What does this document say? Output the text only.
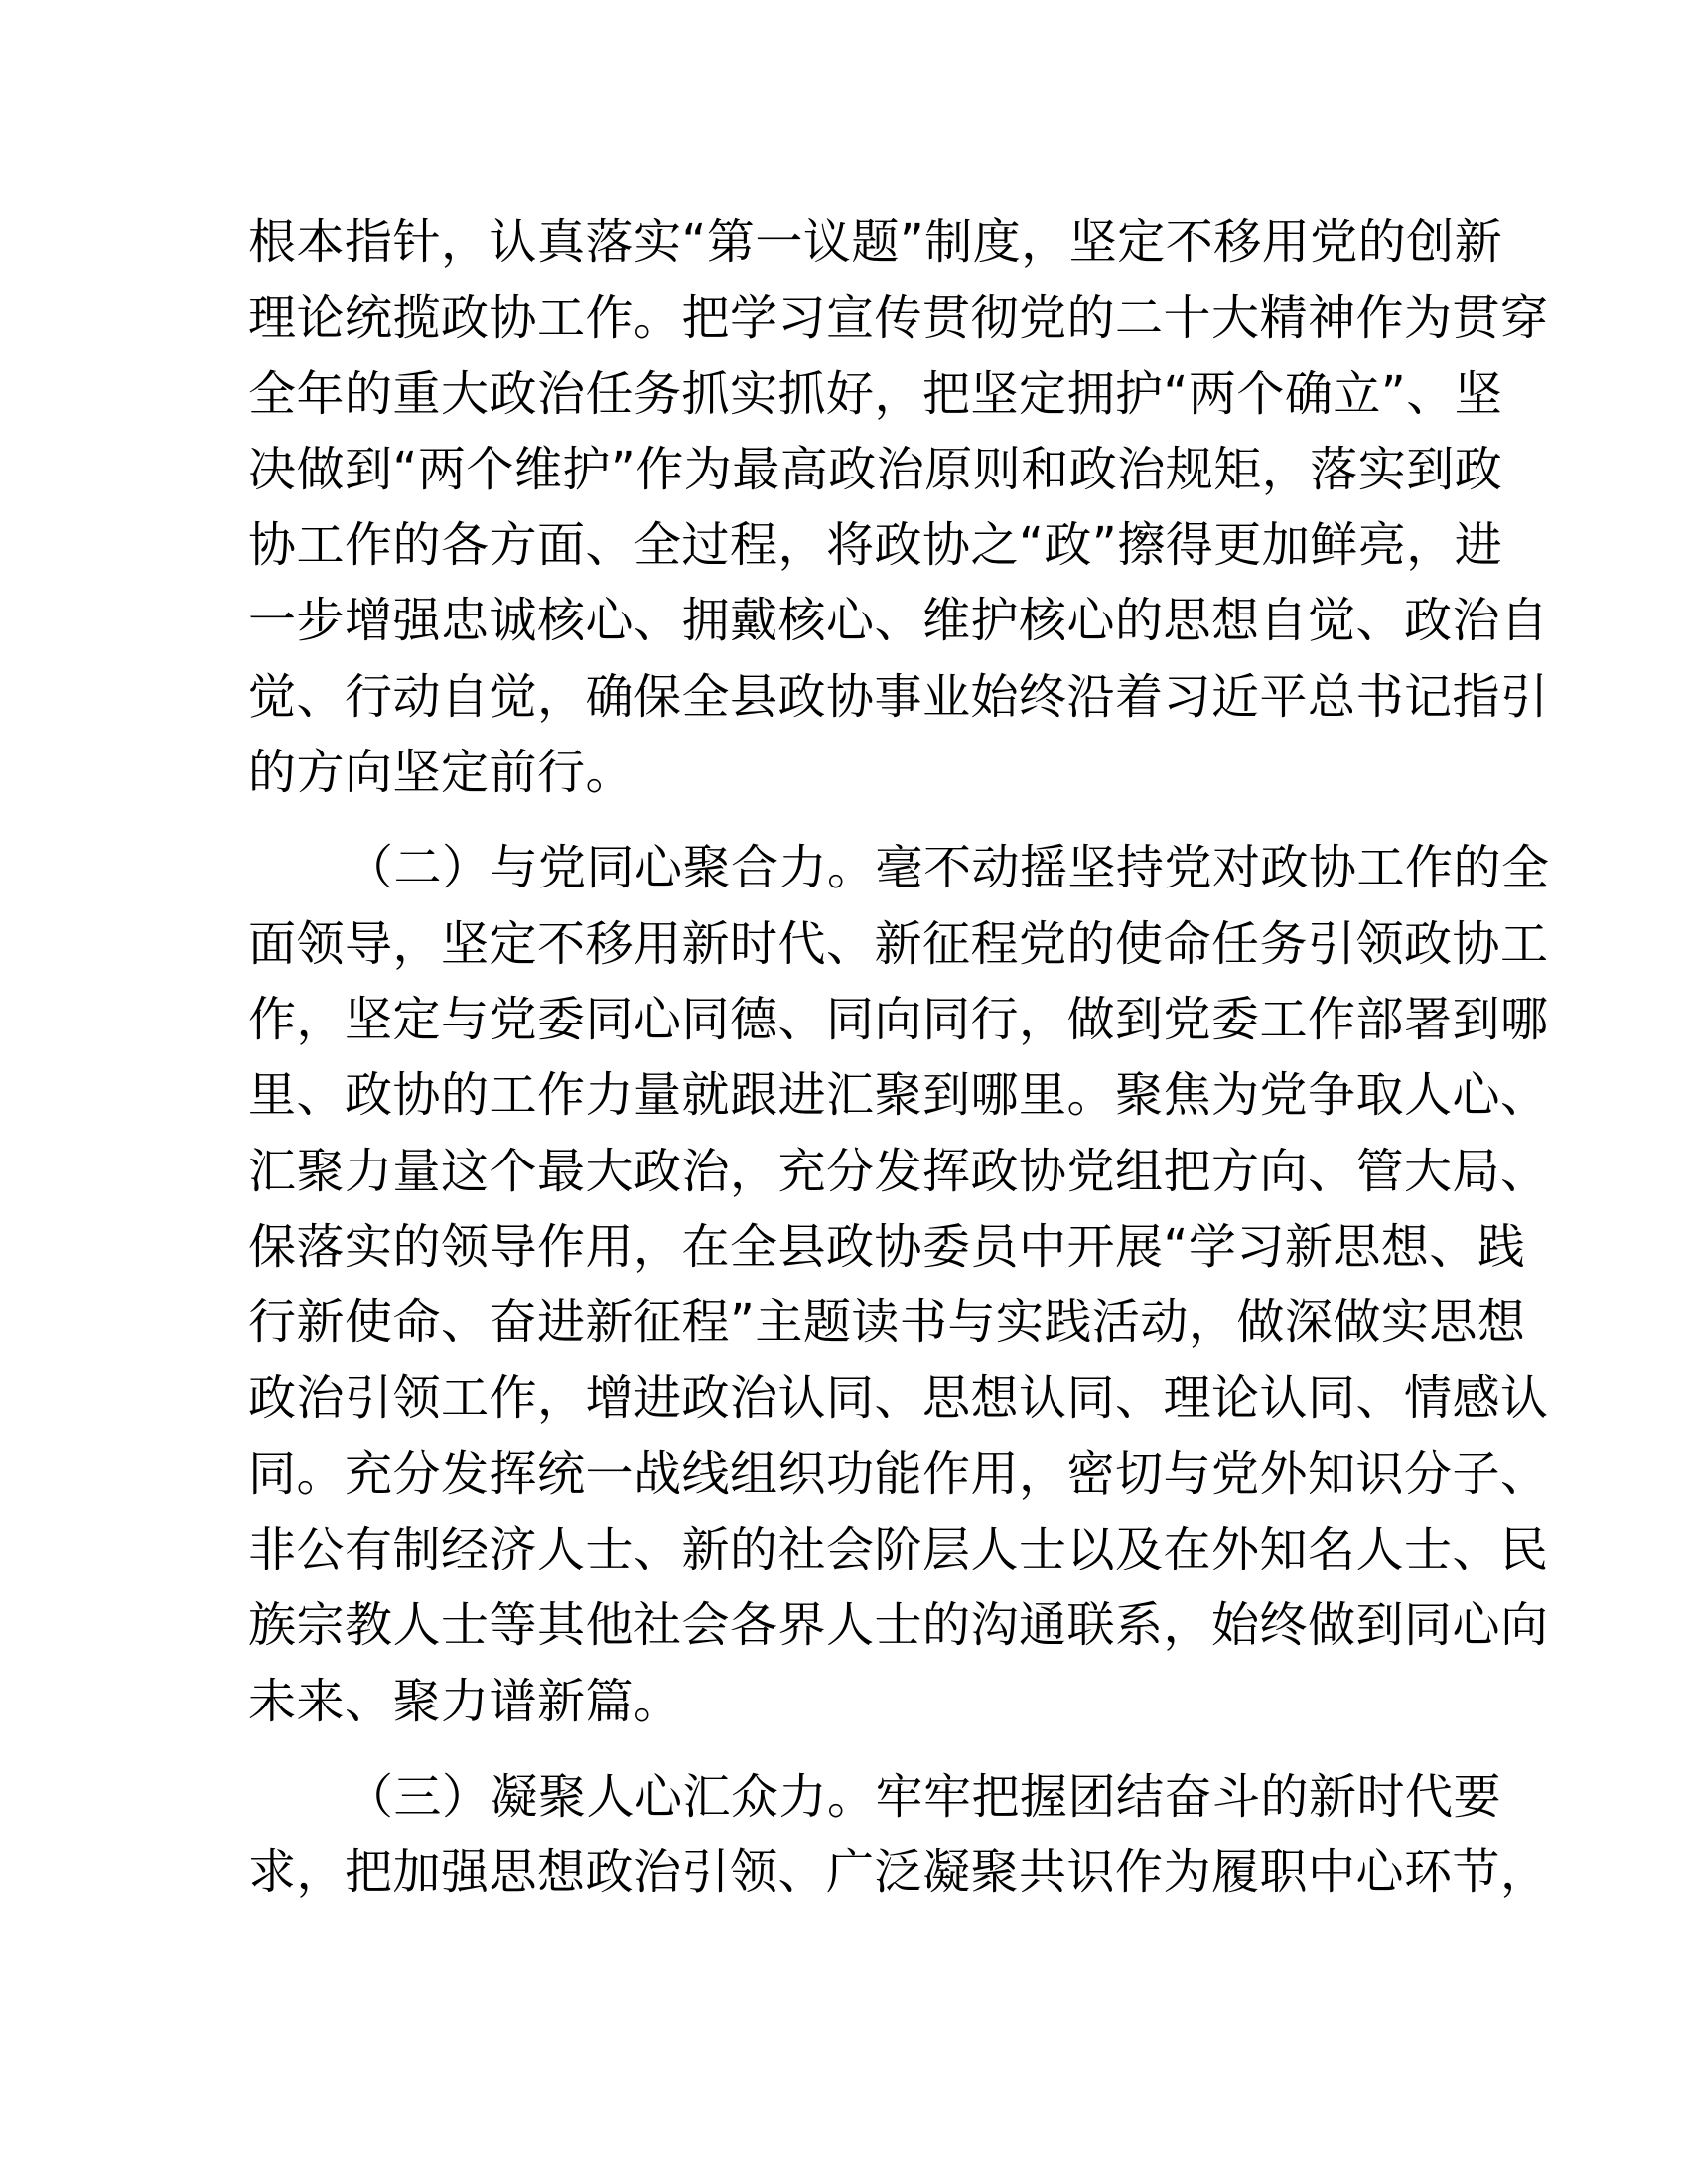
根本指针，认真落实“第一议题”制度，坚定不移用党的创新
理论统揽政协工作。把学习宣传贯彻党的二十大精神作为贯穿
全年的重大政治任务抓实抓好，把坚定拥护“两个确立”、坚
决做到“两个维护”作为最高政治原则和政治规矩，落实到政
协工作的各方面、全过程，将政协之“政”擦得更加鲜亮，进
一步增强忠诚核心、拥戴核心、维护核心的思想自觉、政治自
觉、行动自觉，确保全县政协事业始终沿着习近平总书记指引
的方向坚定前行。
（二）与党同心聚合力。毫不动摇坚持党对政协工作的全
面领导，坚定不移用新时代、新征程党的使命任务引领政协工
作，坚定与党委同心同德、同向同行，做到党委工作部署到哪
里、政协的工作力量就跟进汇聚到哪里。聚焦为党争取人心、
汇聚力量这个最大政治，充分发挥政协党组把方向、管大局、
保落实的领导作用，在全县政协委员中开展“学习新思想、践
行新使命、奋进新征程”主题读书与实践活动，做深做实思想
政治引领工作，增进政治认同、思想认同、理论认同、情感认
同。充分发挥统一战线组织功能作用，密切与党外知识分子、
非公有制经济人士、新的社会阶层人士以及在外知名人士、民
族宗教人士等其他社会各界人士的沟通联系，始终做到同心向
未来、聚力谱新篇。
（三）凝聚人心汇众力。牢牢把握团结奋斗的新时代要
求，把加强思想政治引领、广泛凝聚共识作为履职中心环节，
